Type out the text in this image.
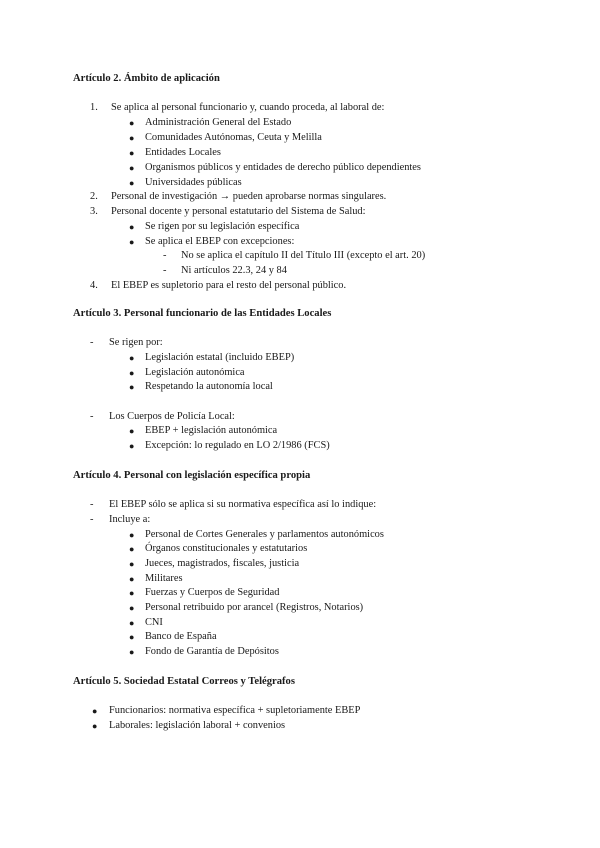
Artículo 2. Ámbito de aplicación
1. Se aplica al personal funcionario y, cuando proceda, al laboral de:
● Administración General del Estado
● Comunidades Autónomas, Ceuta y Melilla
● Entidades Locales
● Organismos públicos y entidades de derecho público dependientes
● Universidades públicas
2. Personal de investigación → pueden aprobarse normas singulares.
3. Personal docente y personal estatutario del Sistema de Salud:
● Se rigen por su legislación específica
● Se aplica el EBEP con excepciones:
- No se aplica el capítulo II del Título III (excepto el art. 20)
- Ni artículos 22.3, 24 y 84
4. El EBEP es supletorio para el resto del personal público.
Artículo 3. Personal funcionario de las Entidades Locales
- Se rigen por:
● Legislación estatal (incluido EBEP)
● Legislación autonómica
● Respetando la autonomía local
- Los Cuerpos de Policía Local:
● EBEP + legislación autonómica
● Excepción: lo regulado en LO 2/1986 (FCS)
Artículo 4. Personal con legislación específica propia
- El EBEP sólo se aplica si su normativa específica así lo indique:
- Incluye a:
● Personal de Cortes Generales y parlamentos autonómicos
● Órganos constitucionales y estatutarios
● Jueces, magistrados, fiscales, justicia
● Militares
● Fuerzas y Cuerpos de Seguridad
● Personal retribuido por arancel (Registros, Notarios)
● CNI
● Banco de España
● Fondo de Garantía de Depósitos
Artículo 5. Sociedad Estatal Correos y Telégrafos
● Funcionarios: normativa específica + supletoriamente EBEP
● Laborales: legislación laboral + convenios
